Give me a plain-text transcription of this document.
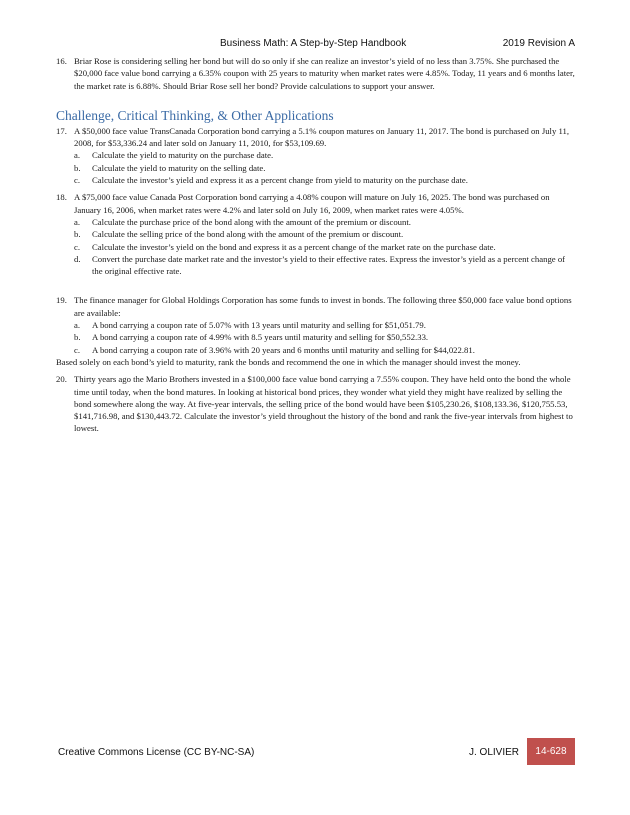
Business Math: A Step-by-Step Handbook	2019 Revision A
16. Briar Rose is considering selling her bond but will do so only if she can realize an investor’s yield of no less than 3.75%. She purchased the $20,000 face value bond carrying a 6.35% coupon with 25 years to maturity when market rates were 4.85%. Today, 11 years and 6 months later, the market rate is 6.88%. Should Briar Rose sell her bond? Provide calculations to support your answer.

Challenge, Critical Thinking, & Other Applications
17. A $50,000 face value TransCanada Corporation bond carrying a 5.1% coupon matures on January 11, 2017. The bond is purchased on July 11, 2008, for $53,336.24 and later sold on January 11, 2010, for $53,109.69.

a. Calculate the yield to maturity on the purchase date.
b. Calculate the yield to maturity on the selling date.
c. Calculate the investor’s yield and express it as a percent change from yield to maturity on the purchase date.
18. A $75,000 face value Canada Post Corporation bond carrying a 4.08% coupon will mature on July 16, 2025. The bond was purchased on January 16, 2006, when market rates were 4.2% and later sold on July 16, 2009, when market rates were 4.05%.

a. Calculate the purchase price of the bond along with the amount of the premium or discount.
b. Calculate the selling price of the bond along with the amount of the premium or discount.
c. Calculate the investor’s yield on the bond and express it as a percent change of the market rate on the purchase date.
d. Convert the purchase date market rate and the investor’s yield to their effective rates. Express the investor’s yield as a percent change of the original effective rate.
19. The finance manager for Global Holdings Corporation has some funds to invest in bonds. The following three $50,000 face value bond options are available:

a. A bond carrying a coupon rate of 5.07% with 13 years until maturity and selling for $51,051.79.
b. A bond carrying a coupon rate of 4.99% with 8.5 years until maturity and selling for $50,552.33.
c. A bond carrying a coupon rate of 3.96% with 20 years and 6 months until maturity and selling for $44,022.81.

Based solely on each bond’s yield to maturity, rank the bonds and recommend the one in which the manager should invest the money.

20. Thirty years ago the Mario Brothers invested in a $100,000 face value bond carrying a 7.55% coupon. They have held onto the bond the whole time until today, when the bond matures. In looking at historical bond prices, they wonder what yield they might have realized by selling the bond somewhere along the way. At five-year intervals, the selling price of the bond would have been $105,230.26, $108,133.36, $120,755.53, $141,716.98, and $130,443.72. Calculate the investor’s yield throughout the history of the bond and rank the five-year intervals from highest to lowest.

Creative Commons License (CC BY-NC-SA)	J. OLIVIER	14-628
